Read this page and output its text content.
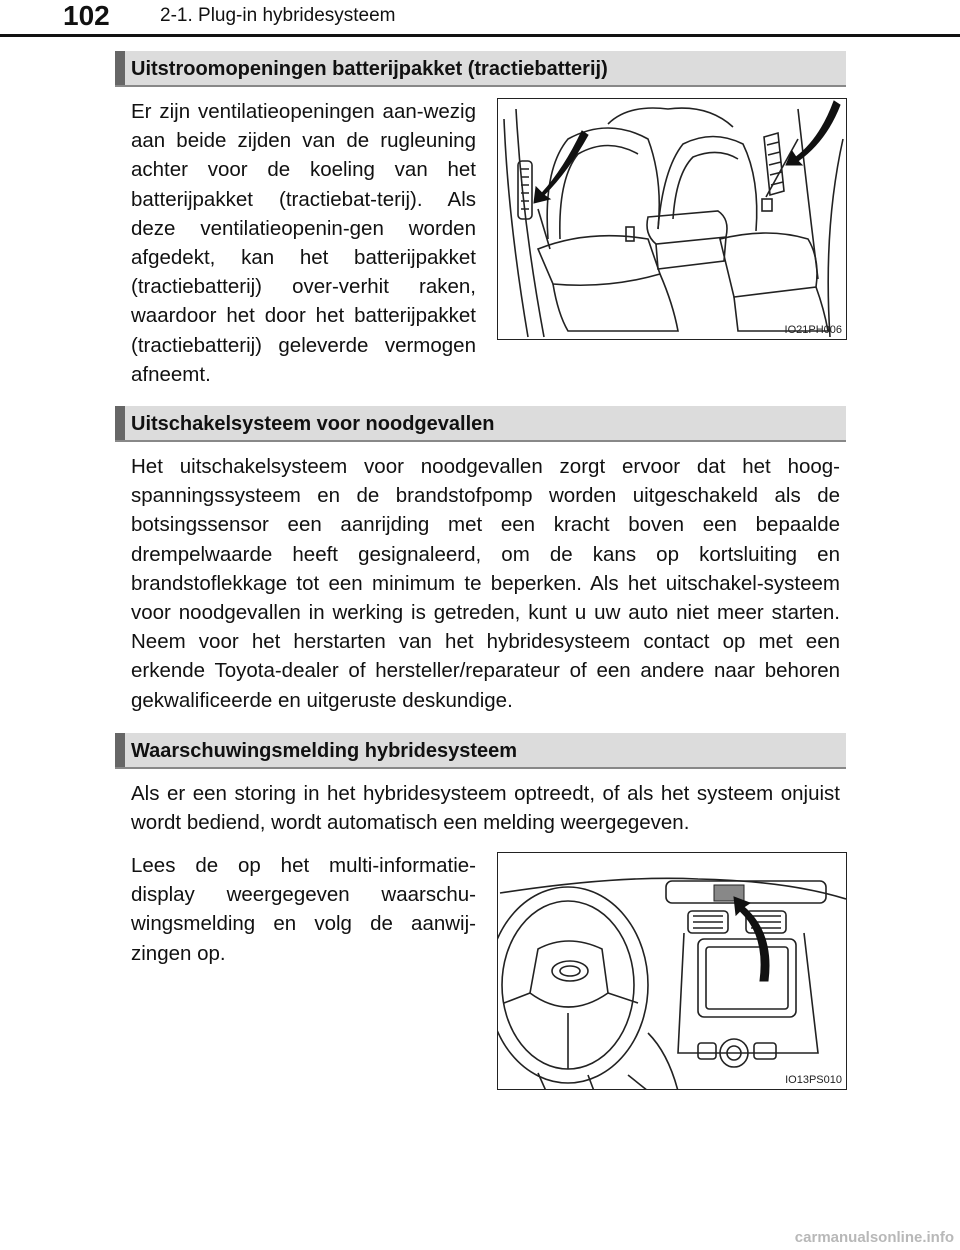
102	2-1. Plug-in hybridesysteem
Uitstroomopeningen batterijpakket (tractiebatterij)
Er zijn ventilatieopeningen aan-wezig aan beide zijden van de rugleuning achter voor de koeling van het batterijpakket (tractiebat-terij). Als deze ventilatieopenin-gen worden afgedekt, kan het batterijpakket (tractiebatterij) over-verhit raken, waardoor het door het batterijpakket (tractiebatterij) geleverde vermogen afneemt.
IO21PH006
Uitschakelsysteem voor noodgevallen
Het uitschakelsysteem voor noodgevallen zorgt ervoor dat het hoog-spanningssysteem en de brandstofpomp worden uitgeschakeld als de botsingssensor een aanrijding met een kracht boven een bepaalde drempelwaarde heeft gesignaleerd, om de kans op kortsluiting en brandstoflekkage tot een minimum te beperken. Als het uitschakel-systeem voor noodgevallen in werking is getreden, kunt u uw auto niet meer starten. Neem voor het herstarten van het hybridesysteem contact op met een erkende Toyota-dealer of hersteller/reparateur of een andere naar behoren gekwalificeerde en uitgeruste deskundige.
Waarschuwingsmelding hybridesysteem
Als er een storing in het hybridesysteem optreedt, of als het systeem onjuist wordt bediend, wordt automatisch een melding weergegeven.
Lees de op het multi-informatie-display weergegeven waarschu-wingsmelding en volg de aanwij-zingen op.
IO13PS010
carmanualsonline.info
